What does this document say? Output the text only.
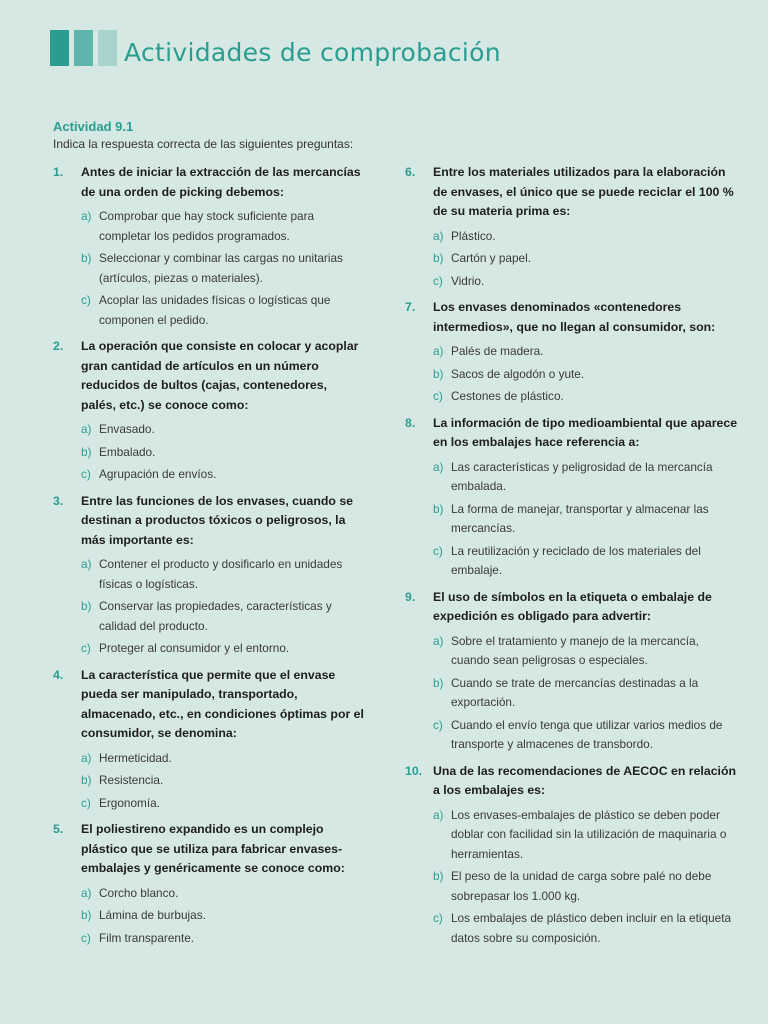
Actividades de comprobación
Actividad 9.1
Indica la respuesta correcta de las siguientes preguntas:
1.	Antes de iniciar la extracción de las mercancías de una orden de picking debemos:
a) Comprobar que hay stock suficiente para completar los pedidos programados.
b) Seleccionar y combinar las cargas no unitarias (artículos, piezas o materiales).
c) Acoplar las unidades físicas o logísticas que componen el pedido.
2.	La operación que consiste en colocar y acoplar gran cantidad de artículos en un número reducidos de bultos (cajas, contenedores, palés, etc.) se conoce como:
a) Envasado.
b) Embalado.
c) Agrupación de envíos.
3.	Entre las funciones de los envases, cuando se destinan a productos tóxicos o peligrosos, la más importante es:
a) Contener el producto y dosificarlo en unidades físicas o logísticas.
b) Conservar las propiedades, características y calidad del producto.
c) Proteger al consumidor y el entorno.
4.	La característica que permite que el envase pueda ser manipulado, transportado, almacenado, etc., en condiciones óptimas por el consumidor, se denomina:
a) Hermeticidad.
b) Resistencia.
c) Ergonomía.
5.	El poliestireno expandido es un complejo plástico que se utiliza para fabricar envases-embalajes y genéricamente se conoce como:
a) Corcho blanco.
b) Lámina de burbujas.
c) Film transparente.
6.	Entre los materiales utilizados para la elaboración de envases, el único que se puede reciclar el 100 % de su materia prima es:
a) Plástico.
b) Cartón y papel.
c) Vidrio.
7.	Los envases denominados «contenedores intermedios», que no llegan al consumidor, son:
a) Palés de madera.
b) Sacos de algodón o yute.
c) Cestones de plástico.
8.	La información de tipo medioambiental que aparece en los embalajes hace referencia a:
a) Las características y peligrosidad de la mercancía embalada.
b) La forma de manejar, transportar y almacenar las mercancías.
c) La reutilización y reciclado de los materiales del embalaje.
9.	El uso de símbolos en la etiqueta o embalaje de expedición es obligado para advertir:
a) Sobre el tratamiento y manejo de la mercancía, cuando sean peligrosas o especiales.
b) Cuando se trate de mercancías destinadas a la exportación.
c) Cuando el envío tenga que utilizar varios medios de transporte y almacenes de transbordo.
10. Una de las recomendaciones de AECOC en relación a los embalajes es:
a) Los envases-embalajes de plástico se deben poder doblar con facilidad sin la utilización de maquinaria o herramientas.
b) El peso de la unidad de carga sobre palé no debe sobrepasar los 1.000 kg.
c) Los embalajes de plástico deben incluir en la etiqueta datos sobre su composición.
